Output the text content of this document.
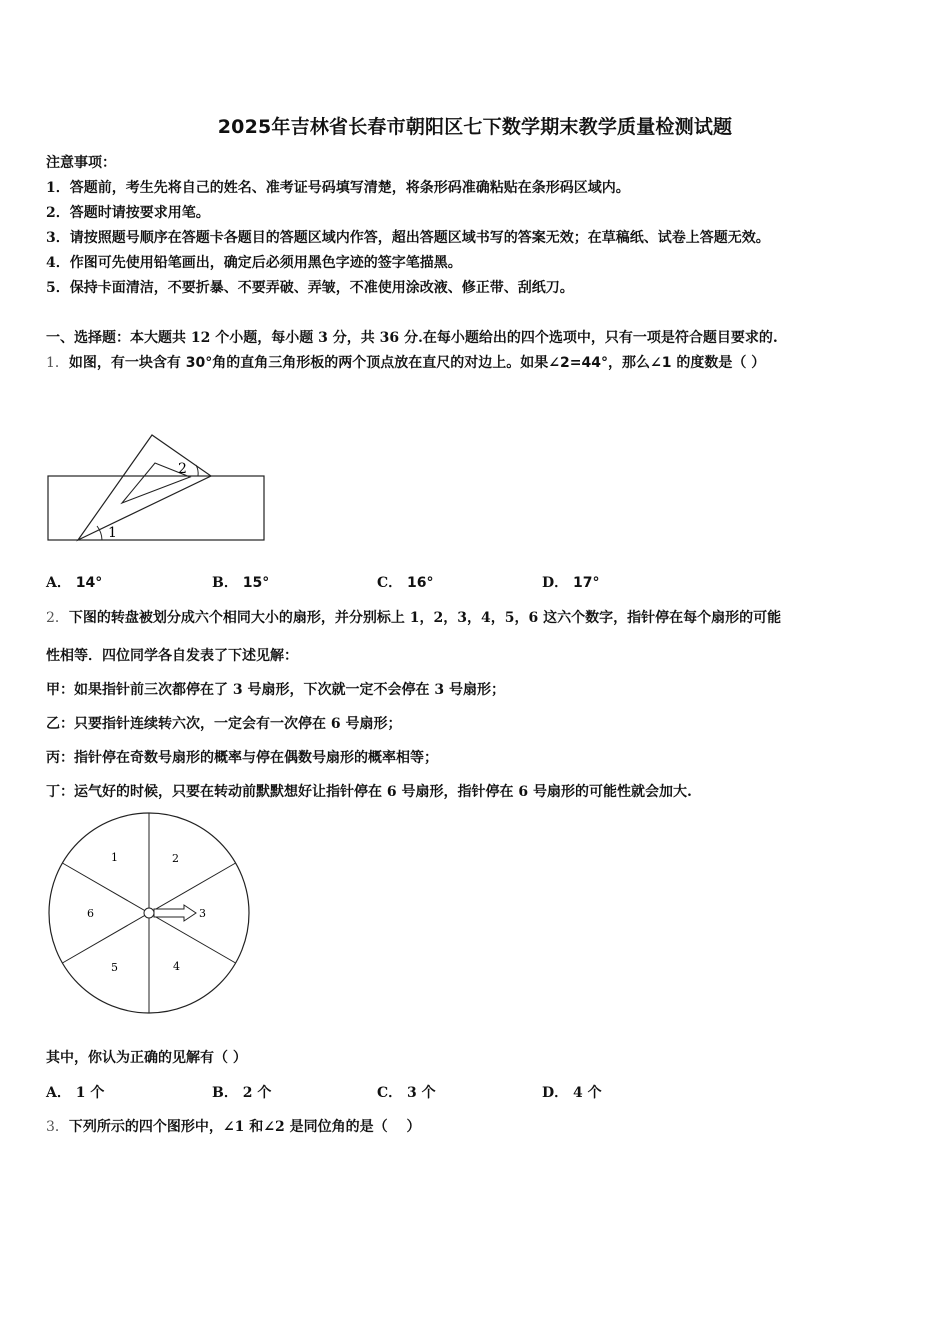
2025年吉林省长春市朝阳区七下数学期末教学质量检测试题
注意事项：
1．答题前，考生先将自己的姓名、准考证号码填写清楚，将条形码准确粘贴在条形码区域内。
2．答题时请按要求用笔。
3．请按照题号顺序在答题卡各题目的答题区域内作答，超出答题区域书写的答案无效；在草稿纸、试卷上答题无效。
4．作图可先使用铅笔画出，确定后必须用黑色字迹的签字笔描黑。
5．保持卡面清洁，不要折暴、不要弄破、弄皱，不准使用涂改液、修正带、刮纸刀。
一、选择题：本大题共 12 个小题，每小题 3 分，共 36 分.在每小题给出的四个选项中，只有一项是符合题目要求的.
1．如图，有一块含有 30°角的直角三角形板的两个顶点放在直尺的对边上。如果∠2=44°，那么∠1 的度数是（ ）
1
2
A． 14°	B． 15°	C． 16°	D． 17°
2．下图的转盘被划分成六个相同大小的扇形，并分别标上 1，2，3，4，5，6 这六个数字，指针停在每个扇形的可能
性相等．四位同学各自发表了下述见解：
甲：如果指针前三次都停在了 3 号扇形，下次就一定不会停在 3 号扇形；
乙：只要指针连续转六次，一定会有一次停在 6 号扇形；
丙：指针停在奇数号扇形的概率与停在偶数号扇形的概率相等；
丁：运气好的时候，只要在转动前默默想好让指针停在 6 号扇形，指针停在 6 号扇形的可能性就会加大.
1	2
3
4
5
6
其中，你认为正确的见解有（ ）
A． 1 个	B． 2 个	C． 3 个	D． 4 个
3．下列所示的四个图形中，∠1 和∠2 是同位角的是（　 ）
